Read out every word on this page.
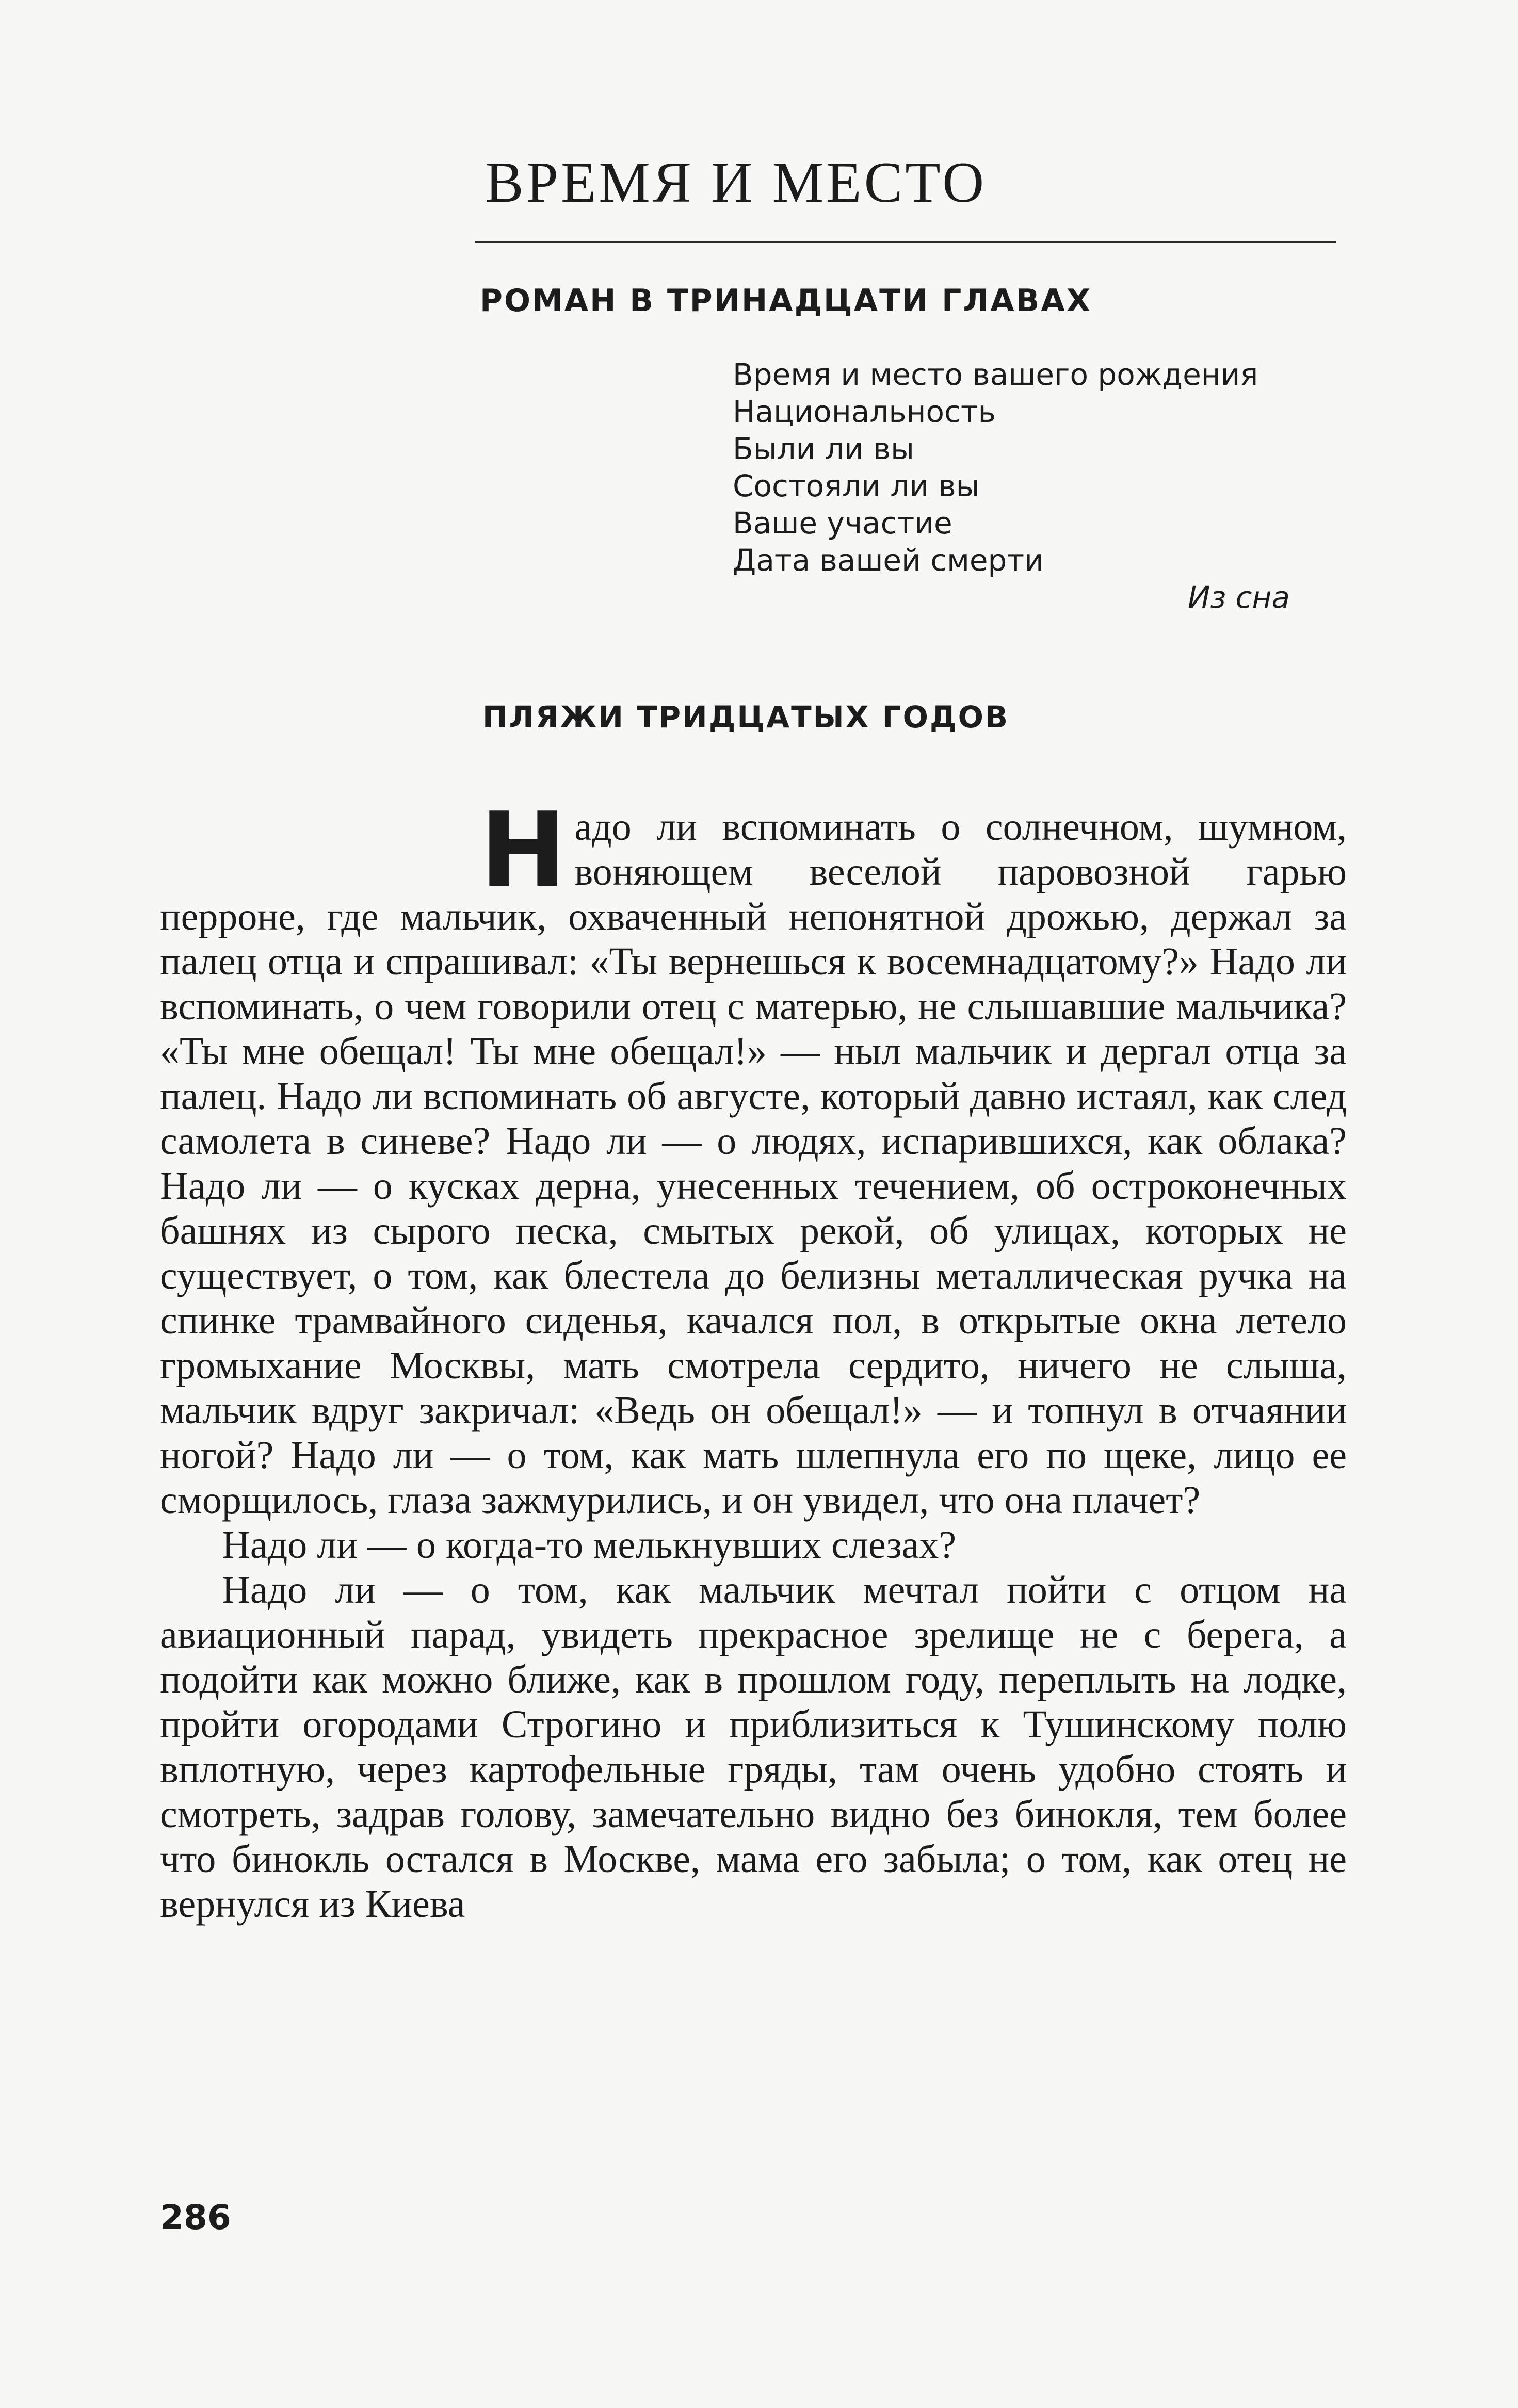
ВРЕМЯ И МЕСТО
РОМАН В ТРИНАДЦАТИ ГЛАВАХ
Время и место вашего рождения
Национальность
Были ли вы
Состояли ли вы
Ваше участие
Дата вашей смерти
Из сна
ПЛЯЖИ ТРИДЦАТЫХ ГОДОВ

Надо ли вспоминать о солнечном, шумном, воняющем веселой паровозной гарью перроне, где мальчик, охваченный непонятной дрожью, держал за палец отца и спрашивал: «Ты вернешься к восемнадцатому?» Надо ли вспоминать, о чем говорили отец с матерью, не слышавшие мальчика? «Ты мне обещал! Ты мне обещал!» — ныл мальчик и дергал отца за палец. Надо ли вспоминать об августе, который давно истаял, как след самолета в синеве? Надо ли — о людях, испарившихся, как облака? Надо ли — о кусках дерна, унесенных течением, об остроконечных башнях из сырого песка, смытых рекой, об улицах, которых не существует, о том, как блестела до белизны металлическая ручка на спинке трамвайного сиденья, качался пол, в открытые окна летело громыхание Москвы, мать смотрела сердито, ничего не слыша, мальчик вдруг закричал: «Ведь он обещал!» — и топнул в отчаянии ногой? Надо ли — о том, как мать шлепнула его по щеке, лицо ее сморщилось, глаза зажмурились, и он увидел, что она плачет?

Надо ли — о когда-то мелькнувших слезах?

Надо ли — о том, как мальчик мечтал пойти с отцом на авиационный парад, увидеть прекрасное зрелище не с берега, а подойти как можно ближе, как в прошлом году, переплыть на лодке, пройти огородами Строгино и приблизиться к Тушинскому полю вплотную, через картофельные гряды, там очень удобно стоять и смотреть, задрав голову, замечательно видно без бинокля, тем более что бинокль остался в Москве, мама его забыла; о том, как отец не вернулся из Киева

286
